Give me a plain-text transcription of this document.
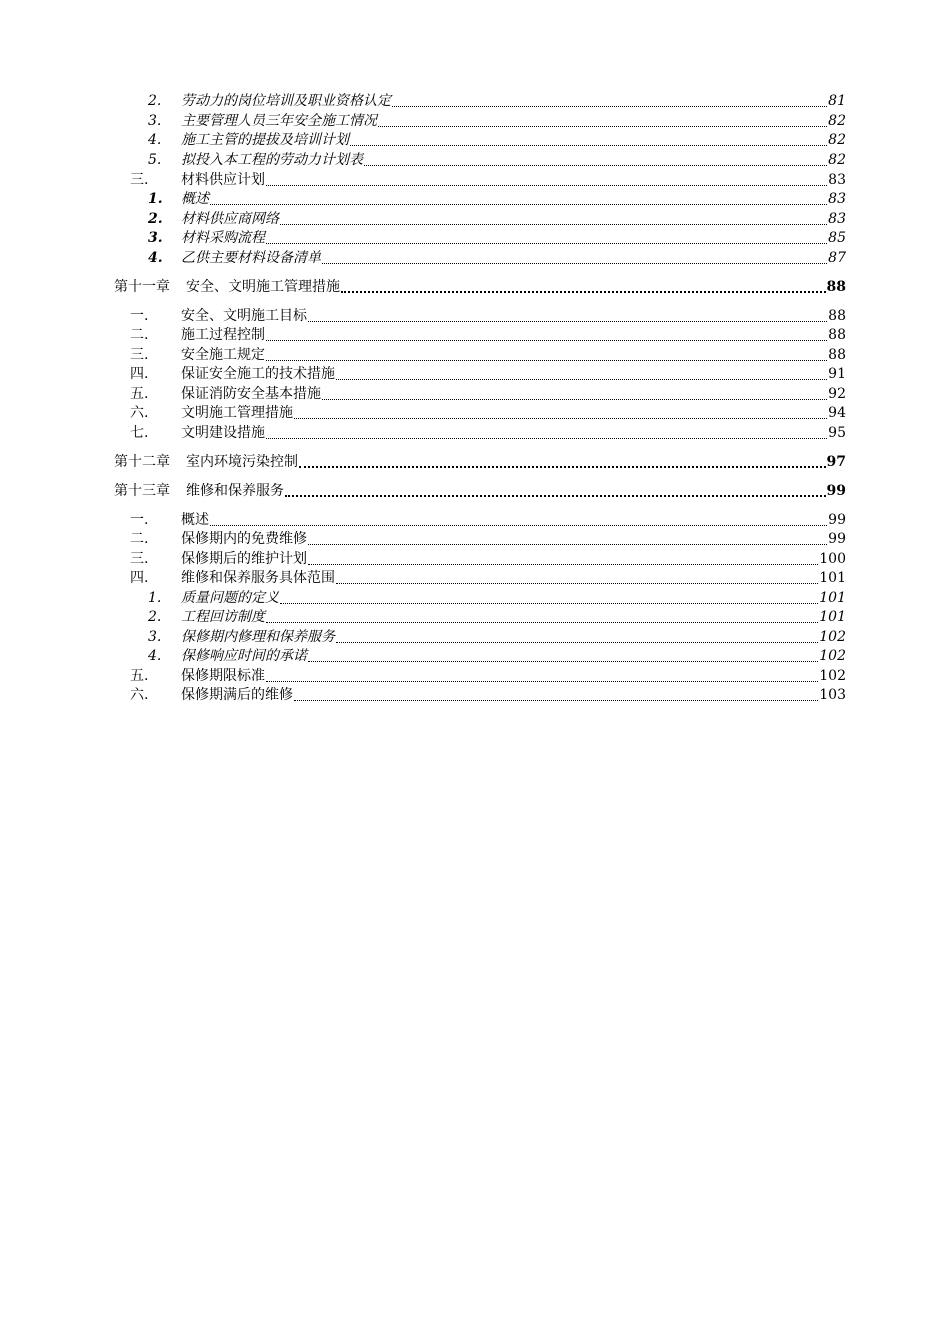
2. 劳动力的岗位培训及职业资格认定	81
3. 主要管理人员三年安全施工情况	82
4. 施工主管的提拔及培训计划	82
5. 拟投入本工程的劳动力计划表	82
三. 材料供应计划	83
1. 概述	83
2. 材料供应商网络	83
3. 材料采购流程	85
4. 乙供主要材料设备清单	87
第十一章 安全、文明施工管理措施	88
一. 安全、文明施工目标	88
二. 施工过程控制	88
三. 安全施工规定	88
四. 保证安全施工的技术措施	91
五. 保证消防安全基本措施	92
六. 文明施工管理措施	94
七. 文明建设措施	95
第十二章 室内环境污染控制	97
第十三章 维修和保养服务	99
一. 概述	99
二. 保修期内的免费维修	99
三. 保修期后的维护计划	100
四. 维修和保养服务具体范围	101
1. 质量问题的定义	101
2. 工程回访制度	101
3. 保修期内修理和保养服务	102
4. 保修响应时间的承诺	102
五. 保修期限标准	102
六. 保修期满后的维修	103
